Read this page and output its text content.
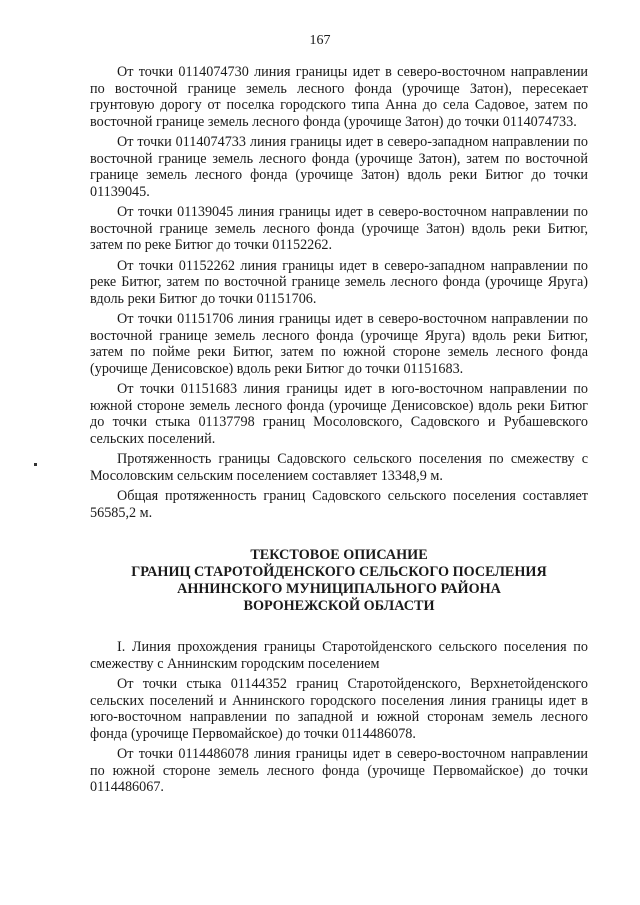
167

От точки 0114074730 линия границы идет в северо-восточном направлении по восточной границе земель лесного фонда (урочище Затон), пересекает грунтовую дорогу от поселка городского типа Анна до села Садовое, затем по восточной границе земель лесного фонда (урочище Затон) до точки 0114074733.

От точки 0114074733 линия границы идет в северо-западном направлении по восточной границе земель лесного фонда (урочище Затон), затем по восточной границе земель лесного фонда (урочище Затон) вдоль реки Битюг до точки 01139045.

От точки 01139045 линия границы идет в северо-восточном направлении по восточной границе земель лесного фонда (урочище Затон) вдоль реки Битюг, затем по реке Битюг до точки 01152262.

От точки 01152262 линия границы идет в северо-западном направлении по реке Битюг, затем по восточной границе земель лесного фонда (урочище Яруга) вдоль реки Битюг до точки 01151706.

От точки 01151706 линия границы идет в северо-восточном направлении по восточной границе земель лесного фонда (урочище Яруга) вдоль реки Битюг, затем по пойме реки Битюг, затем по южной стороне земель лесного фонда (урочище Денисовское) вдоль реки Битюг до точки 01151683.

От точки 01151683 линия границы идет в юго-восточном направлении по южной стороне земель лесного фонда (урочище Денисовское) вдоль реки Битюг до точки стыка 01137798 границ Мосоловского, Садовского и Рубашевского сельских поселений.

Протяженность границы Садовского сельского поселения по смежеству с Мосоловским сельским поселением составляет 13348,9 м.

Общая протяженность границ Садовского сельского поселения составляет 56585,2 м.

ТЕКСТОВОЕ ОПИСАНИЕ
ГРАНИЦ СТАРОТОЙДЕНСКОГО СЕЛЬСКОГО ПОСЕЛЕНИЯ
АННИНСКОГО МУНИЦИПАЛЬНОГО РАЙОНА
ВОРОНЕЖСКОЙ ОБЛАСТИ

I. Линия прохождения границы Старотойденского сельского поселения по смежеству с Аннинским городским поселением

От точки стыка 01144352 границ Старотойденского, Верхнетойденского сельских поселений и Аннинского городского поселения линия границы идет в юго-восточном направлении по западной и южной сторонам земель лесного фонда (урочище Первомайское) до точки 0114486078.

От точки 0114486078 линия границы идет в северо-восточном направлении по южной стороне земель лесного фонда (урочище Первомайское) до точки 0114486067.
